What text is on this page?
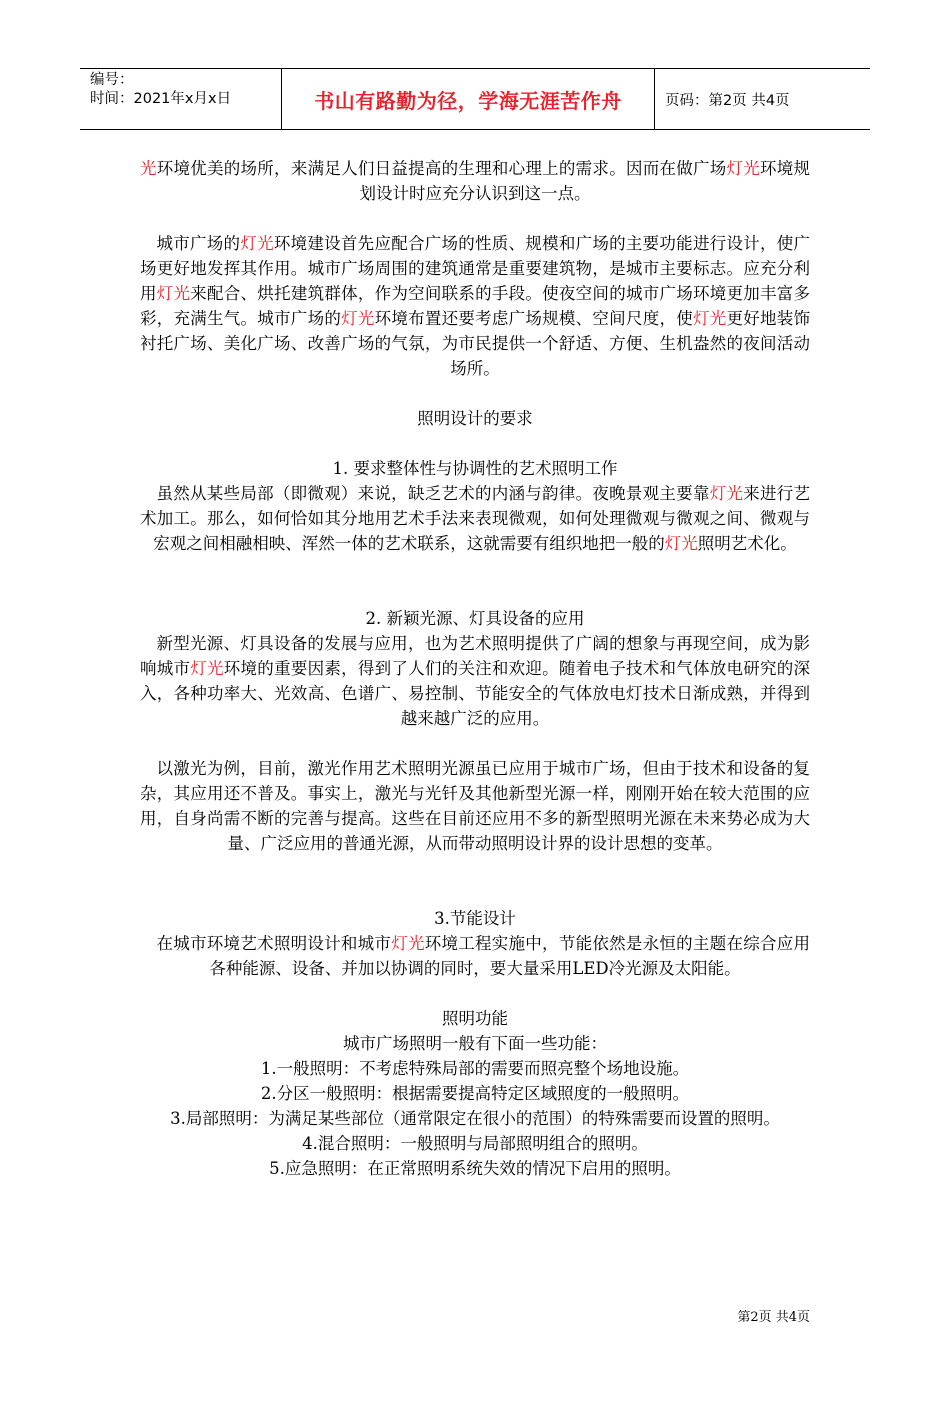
编号：
时间：2021年x月x日	书山有路勤为径，学海无涯苦作舟	页码：第2页 共4页

光环境优美的场所，来满足人们日益提高的生理和心理上的需求。因而在做广场灯光环境规划设计时应充分认识到这一点。

城市广场的灯光环境建设首先应配合广场的性质、规模和广场的主要功能进行设计，使广场更好地发挥其作用。城市广场周围的建筑通常是重要建筑物，是城市主要标志。应充分利用灯光来配合、烘托建筑群体，作为空间联系的手段。使夜空间的城市广场环境更加丰富多彩，充满生气。城市广场的灯光环境布置还要考虑广场规模、空间尺度，使灯光更好地装饰衬托广场、美化广场、改善广场的气氛，为市民提供一个舒适、方便、生机盎然的夜间活动场所。

照明设计的要求

1. 要求整体性与协调性的艺术照明工作

虽然从某些局部（即微观）来说，缺乏艺术的内涵与韵律。夜晚景观主要靠灯光来进行艺术加工。那么，如何恰如其分地用艺术手法来表现微观，如何处理微观与微观之间、微观与宏观之间相融相映、浑然一体的艺术联系，这就需要有组织地把一般的灯光照明艺术化。

2. 新颖光源、灯具设备的应用

新型光源、灯具设备的发展与应用，也为艺术照明提供了广阔的想象与再现空间，成为影响城市灯光环境的重要因素，得到了人们的关注和欢迎。随着电子技术和气体放电研究的深入，各种功率大、光效高、色谱广、易控制、节能安全的气体放电灯技术日渐成熟，并得到越来越广泛的应用。

以激光为例，目前，激光作用艺术照明光源虽已应用于城市广场，但由于技术和设备的复杂，其应用还不普及。事实上，激光与光钎及其他新型光源一样，刚刚开始在较大范围的应用，自身尚需不断的完善与提高。这些在目前还应用不多的新型照明光源在未来势必成为大量、广泛应用的普通光源，从而带动照明设计界的设计思想的变革。

3.节能设计

在城市环境艺术照明设计和城市灯光环境工程实施中，节能依然是永恒的主题在综合应用各种能源、设备、并加以协调的同时，要大量采用LED冷光源及太阳能。

照明功能

城市广场照明一般有下面一些功能：

1.一般照明：不考虑特殊局部的需要而照亮整个场地设施。

2.分区一般照明：根据需要提高特定区域照度的一般照明。

3.局部照明：为满足某些部位（通常限定在很小的范围）的特殊需要而设置的照明。

4.混合照明：一般照明与局部照明组合的照明。

5.应急照明：在正常照明系统失效的情况下启用的照明。

第2页 共4页
